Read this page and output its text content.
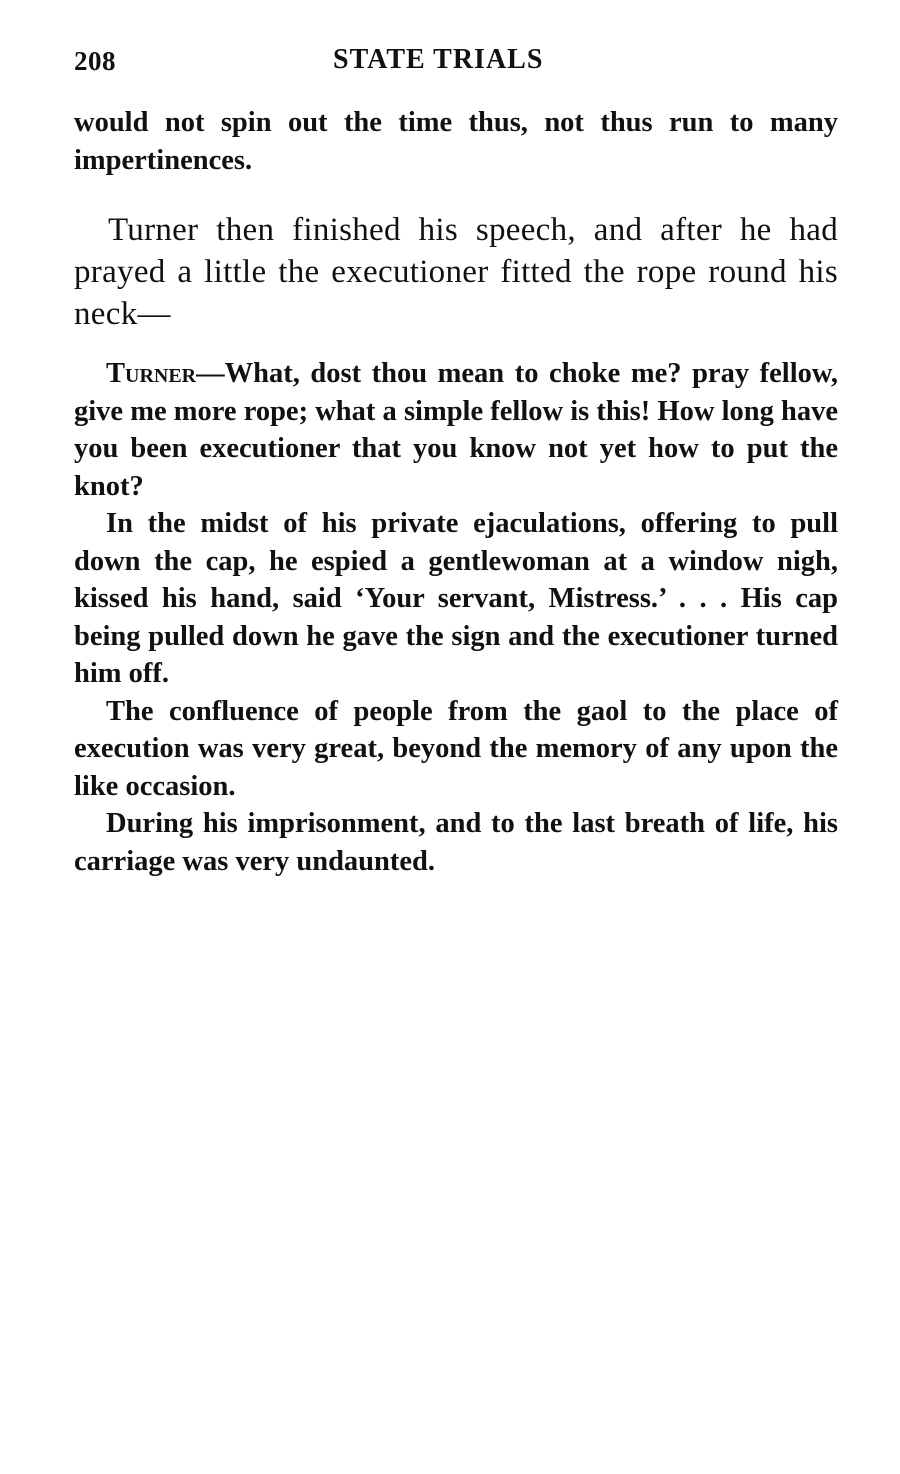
208	STATE TRIALS

would not spin out the time thus, not thus run to many impertinences.

Turner then finished his speech, and after he had prayed a little the executioner fitted the rope round his neck—

Turner—What, dost thou mean to choke me? pray fellow, give me more rope; what a simple fellow is this! How long have you been executioner that you know not yet how to put the knot?

In the midst of his private ejaculations, offering to pull down the cap, he espied a gentlewoman at a window nigh, kissed his hand, said ‘Your servant, Mistress.’ . . . His cap being pulled down he gave the sign and the executioner turned him off.

The confluence of people from the gaol to the place of execution was very great, beyond the memory of any upon the like occasion.

During his imprisonment, and to the last breath of life, his carriage was very undaunted.
